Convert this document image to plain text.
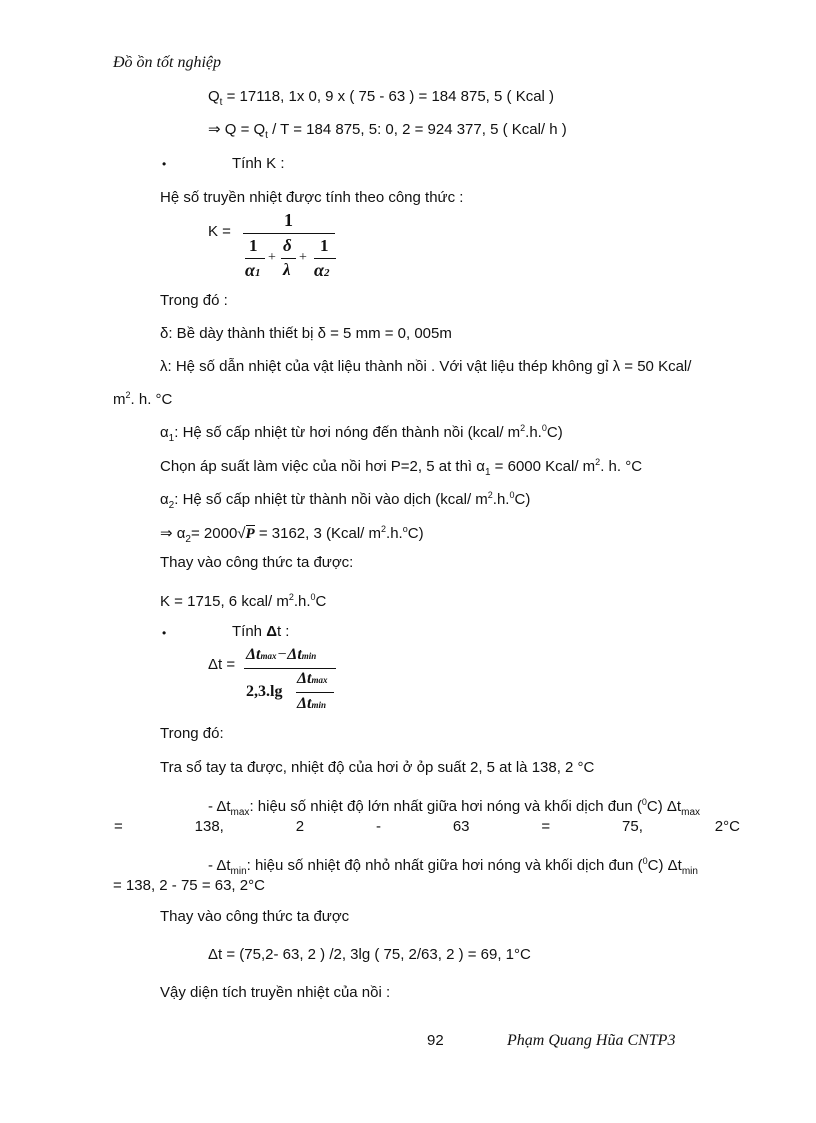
Đồ ồn tốt nghiệp
$Q_t = 17118$, 1x 0, 9 x ( 75 - 63 ) = 184 875, 5 ( Kcal )
⇒ $Q = Q_t / T = 184$ 875, 5: 0, 2 = 924 377, 5 ( Kcal/ h )
•	Tính K :
Hệ số truyền nhiệt được tính theo công thức :
K =
1
1
α1
+
δ
λ
+
1
α2
Trong đó :
δ: Bề dày thành thiết bị δ = 5 mm = 0, 005m
λ: Hệ số dẫn nhiệt của vật liệu thành nồi . Với vật liệu thép không gỉ λ = 50 Kcal/
$m^2$. h. °C
$\alpha_1$: Hệ số cấp nhiệt từ hơi nóng đến thành nồi (kcal/ $m^2.h.^0C$)
Chọn áp suất làm việc của nồi hơi P=2, 5 at thì $\alpha_1 = 6000$ Kcal/ $m^2$. h. °C
$\alpha_2$: Hệ số cấp nhiệt từ thành nồi vào dịch (kcal/ $m^2.h.^0C$)
⇒ $\alpha_2= 2000√P = 3162$, 3 (Kcal/ $m^2.h.^oC$)
Thay vào công thức ta được:
K = 1715, 6 kcal/ $m^2.h.^0C$
•	Tính Δt :
Δt =
Δtmax−Δtmin
2,3.lg
Δtmax
Δtmin
Trong đó:
Tra sổ tay ta được, nhiệt độ của hơi ở ỏp suất 2, 5 at là 138, 2 °C
- $\Delta t_{max}$: hiệu số nhiệt độ lớn nhất giữa hơi nóng và khối dịch đun ($^0$C) $\Delta t_{max}$
=	138,	2	-	63	=	75,	2°C
- $\Delta t_{min}$: hiệu số nhiệt độ nhỏ nhất giữa hơi nóng và khối dịch đun ($^0$C) $\Delta t_{min}$
= 138, 2 - 75 = 63, 2°C
Thay vào công thức ta được
Δt = (75,2- 63, 2 ) /2, 3lg ( 75, 2/63, 2 ) = 69, 1°C
Vậy diện tích truyền nhiệt của nồi :
92	Phạm Quang Hũa CNTP3
